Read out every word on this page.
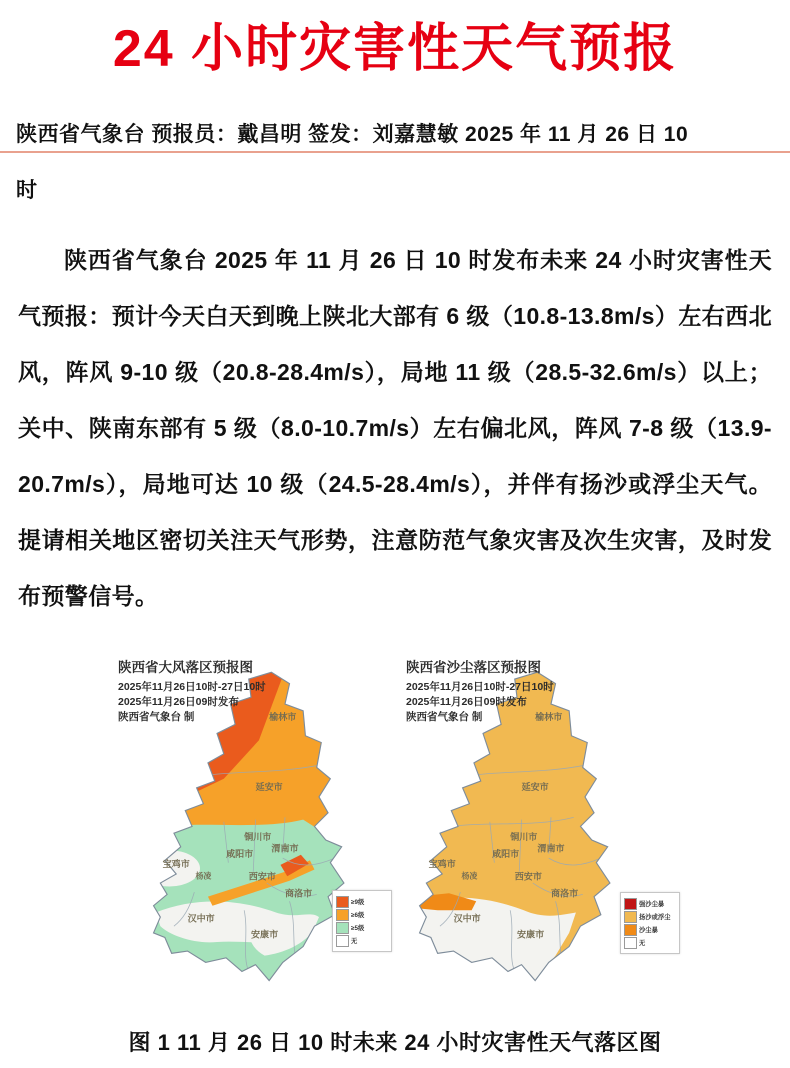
24 小时灾害性天气预报
陕西省气象台 预报员：戴昌明 签发：刘嘉慧敏 2025 年 11 月 26 日 10
时
陕西省气象台 2025 年 11 月 26 日 10 时发布未来 24 小时灾害性天气预报：预计今天白天到晚上陕北大部有 6 级（10.8-13.8m/s）左右西北风，阵风 9-10 级（20.8-28.4m/s），局地 11 级（28.5-32.6m/s）以上；关中、陕南东部有 5 级（8.0-10.7m/s）左右偏北风，阵风 7-8 级（13.9-20.7m/s），局地可达 10 级（24.5-28.4m/s），并伴有扬沙或浮尘天气。提请相关地区密切关注天气形势，注意防范气象灾害及次生灾害，及时发布预警信号。
陕西省大风落区预报图
2025年11月26日10时-27日10时
2025年11月26日09时发布
陕西省气象台 制	榆林市
延安市
铜川市
渭南市
咸阳市
宝鸡市
杨凌	西安市
商洛市
汉中市
安康市
≥9级
≥6级
≥5级
无
陕西省沙尘落区预报图
2025年11月26日10时-27日10时
2025年11月26日09时发布
陕西省气象台 制	榆林市
延安市
铜川市
渭南市
咸阳市
宝鸡市
杨凌	西安市
商洛市
汉中市
安康市
强沙尘暴
扬沙或浮尘
沙尘暴
无
图 1 11 月 26 日 10 时未来 24 小时灾害性天气落区图
